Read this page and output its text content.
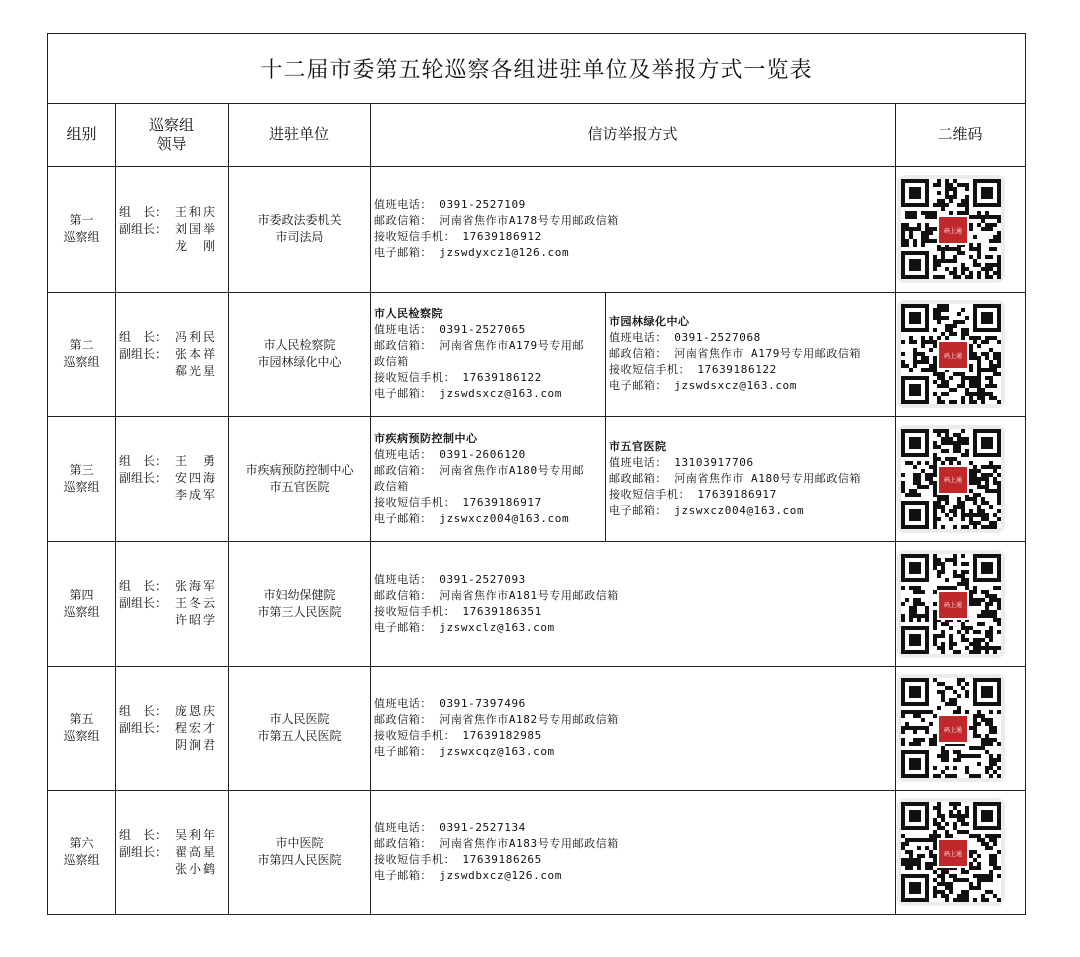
十二届市委第五轮巡察各组进驻单位及举报方式一览表
组别
巡察组
领导
进驻单位	信访举报方式	二维码
第一
巡察组
组　长： 王和庆
副组长： 刘国举
龙　刚
市委政法委机关
市司法局
值班电话： 0391-2527109
邮政信箱： 河南省焦作市A178号专用邮政信箱
接收短信手机： 17639186912
电子邮箱： jzswdyxcz1@126.com
码上通
第二
巡察组
组　长： 冯利民
副组长： 张本祥
郗光星
市人民检察院
市园林绿化中心
市人民检察院
值班电话： 0391-2527065
邮政信箱： 河南省焦作市A179号专用邮
政信箱
接收短信手机： 17639186122
电子邮箱： jzswdsxcz@163.com
市园林绿化中心
值班电话： 0391-2527068
邮政信箱： 河南省焦作市 A179号专用邮政信箱
接收短信手机： 17639186122
电子邮箱： jzswdsxcz@163.com
码上通
第三
巡察组
组　长： 王　勇
副组长： 安四海
李成军
市疾病预防控制中心
市五官医院
市疾病预防控制中心
值班电话： 0391-2606120
邮政信箱： 河南省焦作市A180号专用邮
政信箱
接收短信手机： 17639186917
电子邮箱： jzswxcz004@163.com
市五官医院
值班电话： 13103917706
邮政邮箱： 河南省焦作市 A180号专用邮政信箱
接收短信手机： 17639186917
电子邮箱： jzswxcz004@163.com
码上通
第四
巡察组
组　长： 张海军
副组长： 王冬云
许昭学
市妇幼保健院
市第三人民医院
值班电话： 0391-2527093
邮政信箱： 河南省焦作市A181号专用邮政信箱
接收短信手机： 17639186351
电子邮箱： jzswxclz@163.com
码上通
第五
巡察组
组　长： 庞恩庆
副组长： 程宏才
阴涧君
市人民医院
市第五人民医院
值班电话： 0391-7397496
邮政信箱： 河南省焦作市A182号专用邮政信箱
接收短信手机： 17639182985
电子邮箱： jzswxcqz@163.com
码上通
第六
巡察组
组　长： 吴利年
副组长： 翟高星
张小鹤
市中医院
市第四人民医院
值班电话： 0391-2527134
邮政信箱： 河南省焦作市A183号专用邮政信箱
接收短信手机： 17639186265
电子邮箱： jzswdbxcz@126.com
码上通
